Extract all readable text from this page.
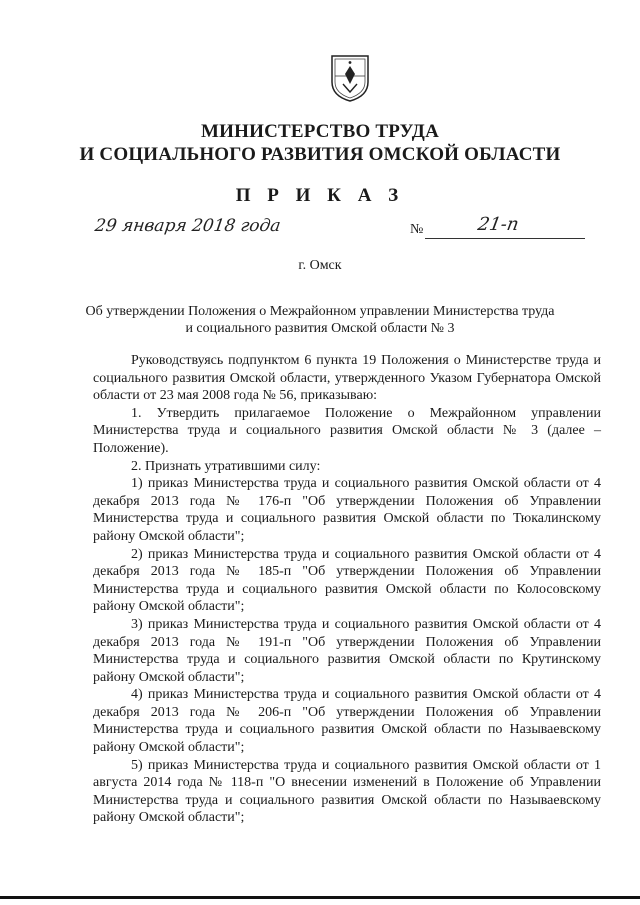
МИНИСТЕРСТВО ТРУДА
И СОЦИАЛЬНОГО РАЗВИТИЯ ОМСКОЙ ОБЛАСТИ
П Р И К А З
29 января 2018 года	№	21-п
г. Омск
Об утверждении Положения о Межрайонном управлении Министерства труда
и социального развития Омской области № 3

Руководствуясь подпунктом 6 пункта 19 Положения о Министерстве труда и социального развития Омской области, утвержденного Указом Губернатора Омской области от 23 мая 2008 года № 56, приказываю:

1. Утвердить прилагаемое Положение о Межрайонном управлении Министерства труда и социального развития Омской области № 3 (далее – Положение).

2. Признать утратившими силу:

1) приказ Министерства труда и социального развития Омской области от 4 декабря 2013 года № 176-п "Об утверждении Положения об Управлении Министерства труда и социального развития Омской области по Тюкалинскому району Омской области";

2) приказ Министерства труда и социального развития Омской области от 4 декабря 2013 года № 185-п "Об утверждении Положения об Управлении Министерства труда и социального развития Омской области по Колосовскому району Омской области";

3) приказ Министерства труда и социального развития Омской области от 4 декабря 2013 года № 191-п "Об утверждении Положения об Управлении Министерства труда и социального развития Омской области по Крутинскому району Омской области";

4) приказ Министерства труда и социального развития Омской области от 4 декабря 2013 года № 206-п "Об утверждении Положения об Управлении Министерства труда и социального развития Омской области по Называевскому району Омской области";

5) приказ Министерства труда и социального развития Омской области от 1 августа 2014 года № 118-п "О внесении изменений в Положение об Управлении Министерства труда и социального развития Омской области по Называевскому району Омской области";
